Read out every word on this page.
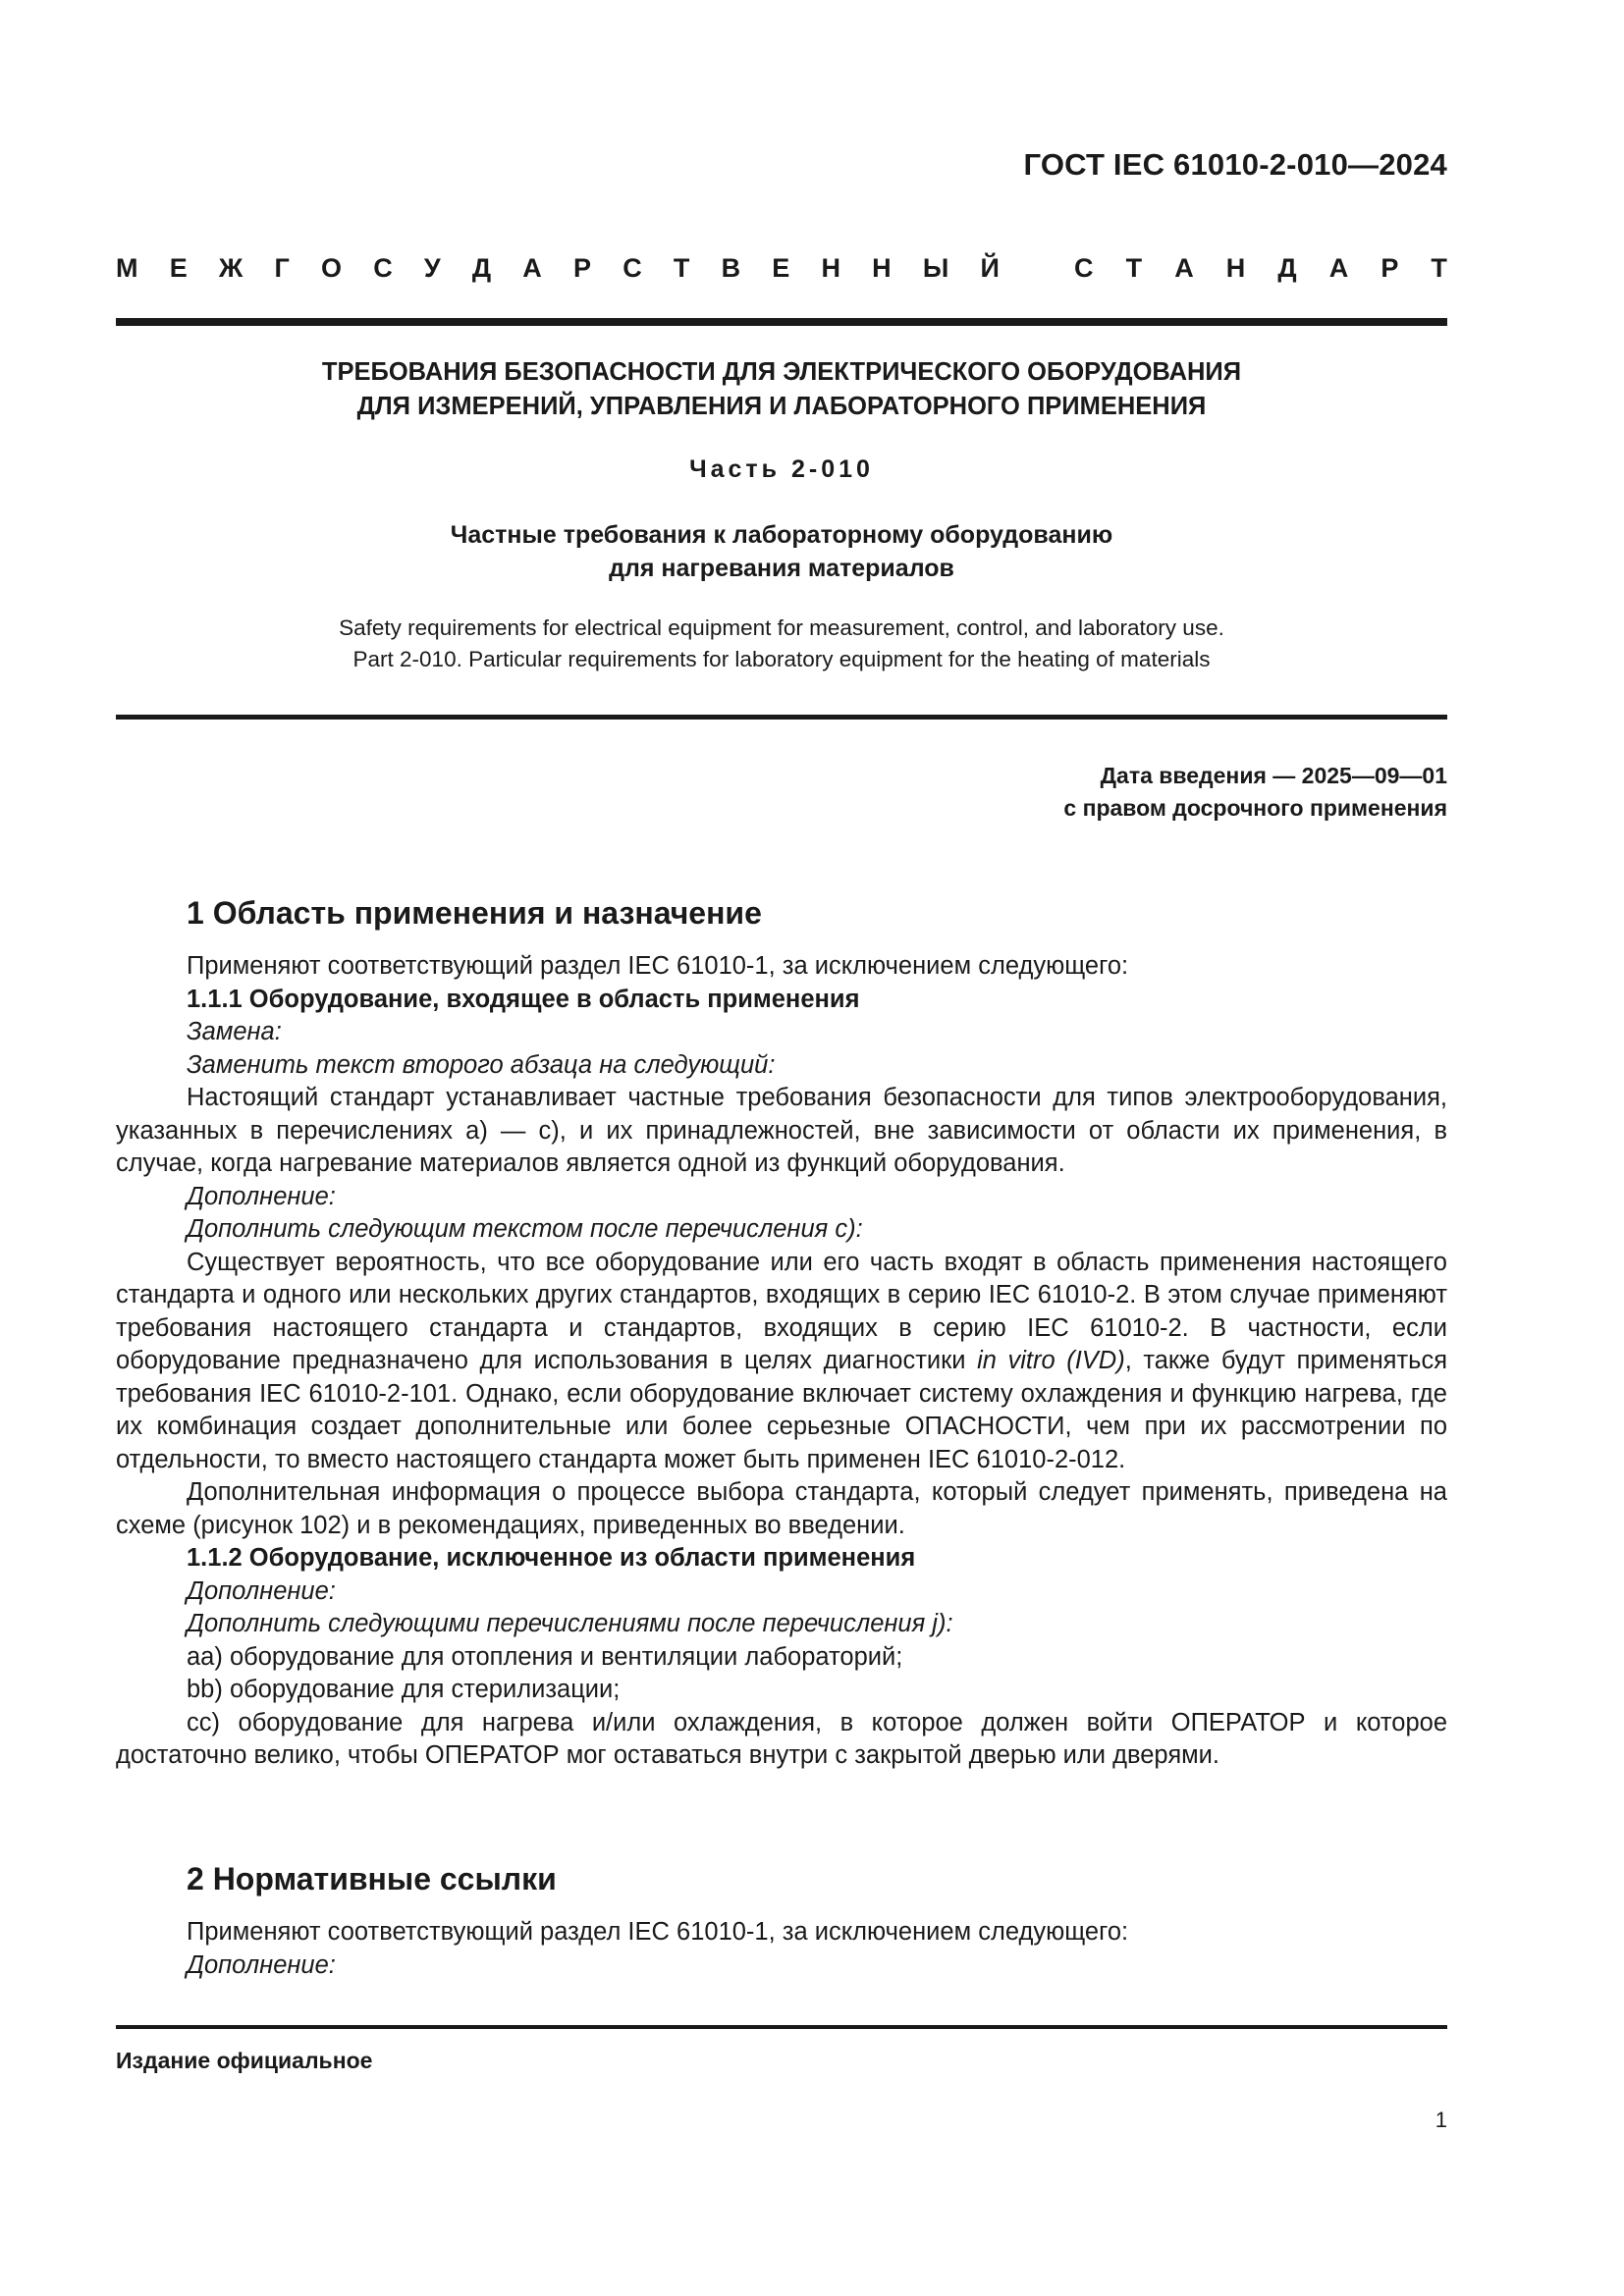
ГОСТ IEC 61010-2-010—2024
М Е Ж Г О С У Д А Р С Т В Е Н Н Ы Й	С Т А Н Д А Р Т
ТРЕБОВАНИЯ БЕЗОПАСНОСТИ ДЛЯ ЭЛЕКТРИЧЕСКОГО ОБОРУДОВАНИЯ
ДЛЯ ИЗМЕРЕНИЙ, УПРАВЛЕНИЯ И ЛАБОРАТОРНОГО ПРИМЕНЕНИЯ
Часть 2-010
Частные требования к лабораторному оборудованию
для нагревания материалов
Safety requirements for electrical equipment for measurement, control, and laboratory use.
Part 2-010. Particular requirements for laboratory equipment for the heating of materials
Дата введения — 2025—09—01
с правом досрочного применения
1 Область применения и назначение
Применяют соответствующий раздел IEC 61010-1, за исключением следующего:
1.1.1 Оборудование, входящее в область применения
Замена:
Заменить текст второго абзаца на следующий:
Настоящий стандарт устанавливает частные требования безопасности для типов электрооборудования, указанных в перечислениях а) — с), и их принадлежностей, вне зависимости от области их применения, в случае, когда нагревание материалов является одной из функций оборудования.
Дополнение:
Дополнить следующим текстом после перечисления с):
Существует вероятность, что все оборудование или его часть входят в область применения настоящего стандарта и одного или нескольких других стандартов, входящих в серию IEC 61010-2. В этом случае применяют требования настоящего стандарта и стандартов, входящих в серию IEC 61010-2. В частности, если оборудование предназначено для использования в целях диагностики in vitro (IVD), также будут применяться требования IEC 61010-2-101. Однако, если оборудование включает систему охлаждения и функцию нагрева, где их комбинация создает дополнительные или более серьезные ОПАСНОСТИ, чем при их рассмотрении по отдельности, то вместо настоящего стандарта может быть применен IEC 61010-2-012.
Дополнительная информация о процессе выбора стандарта, который следует применять, приведена на схеме (рисунок 102) и в рекомендациях, приведенных во введении.
1.1.2 Оборудование, исключенное из области применения
Дополнение:
Дополнить следующими перечислениями после перечисления j):
аа) оборудование для отопления и вентиляции лабораторий;
bb) оборудование для стерилизации;
сс) оборудование для нагрева и/или охлаждения, в которое должен войти ОПЕРАТОР и которое достаточно велико, чтобы ОПЕРАТОР мог оставаться внутри с закрытой дверью или дверями.
2 Нормативные ссылки
Применяют соответствующий раздел IEC 61010-1, за исключением следующего:
Дополнение:
Издание официальное
1
